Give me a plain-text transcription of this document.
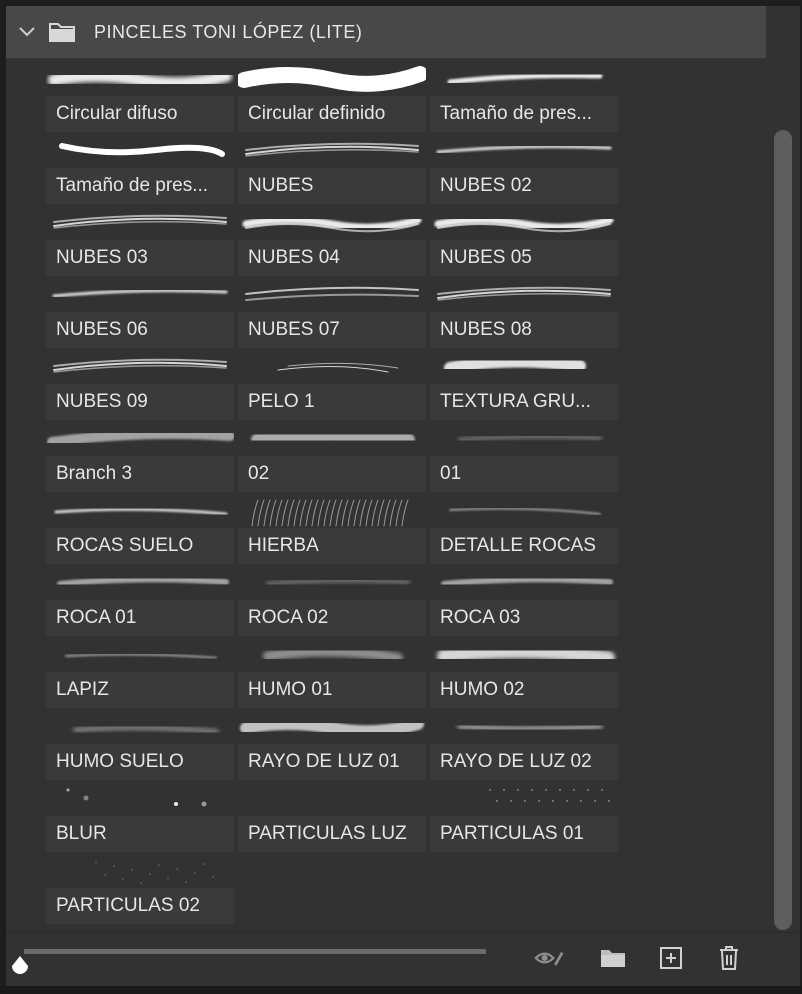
PINCELES TONI LÓPEZ (LITE)
Circular difuso	Circular definido	Tamaño de pres...
Tamaño de pres...	NUBES	NUBES 02
NUBES 03	NUBES 04	NUBES 05
NUBES 06	NUBES 07	NUBES 08
NUBES 09	PELO 1	TEXTURA GRU...
Branch 3	02	01
ROCAS SUELO	HIERBA	DETALLE ROCAS
ROCA 01	ROCA 02	ROCA 03
LAPIZ	HUMO 01	HUMO 02
HUMO SUELO	RAYO DE LUZ 01	RAYO DE LUZ 02
BLUR	PARTICULAS LUZ	PARTICULAS 01
PARTICULAS 02
